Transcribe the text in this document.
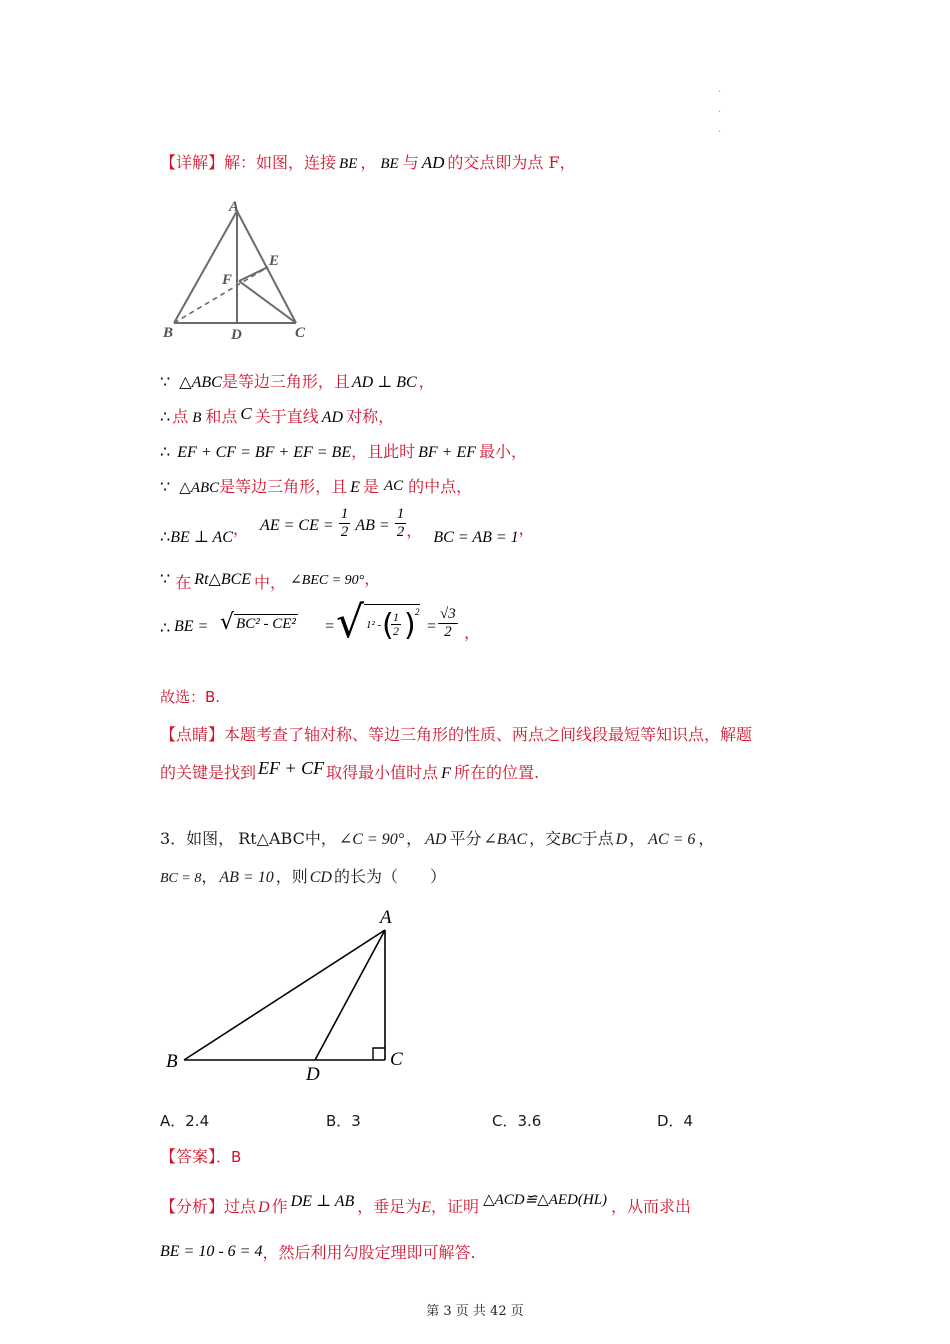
.
.
.
【详解】解：如图，连接 BE ， BE 与 AD 的交点即为点 F，
A
E
F
B	D	C
∵ △ABC是等边三角形，且 AD ⊥ BC ，
∴ 点 B 和点 C 关于直线 AD 对称，
∴ EF + CF = BF + EF = BE，且此时 BF + EF 最小，
∵ △ABC是等边三角形，且 E 是 AC 的中点，
∴BE ⊥ AC， AE = CE = $\frac{1}{2}$ AB = $\frac{1}{2}$ ， BC = AB = 1，
∵ 在 Rt△BCE 中， ∠BEC = 90°，
∴ BE = √ BC² - CE² = √ 1² - (
$\frac{1}{2}$ ) 2
= $\frac{√3}{2}$ ，
故选：B.
【点睛】本题考查了轴对称、等边三角形的性质、两点之间线段最短等知识点，解题
的关键是找到 EF + CF 取得最小值时点 F 所在的位置.
3．如图， Rt△ABC中， ∠C = 90° ， AD 平分 ∠BAC ，交BC于点 D ， AC = 6 ，
BC = 8， AB = 10 ，则 CD 的长为（　　）
A
B	C
D
A．2.4	B．3	C．3.6	D．4
【答案】．B
【分析】过点 D 作 DE ⊥ AB ，垂足为E，证明 △ACD≌△AED(HL) ，从而求出
BE = 10 - 6 = 4，然后利用勾股定理即可解答.
第 3 页 共 42 页
